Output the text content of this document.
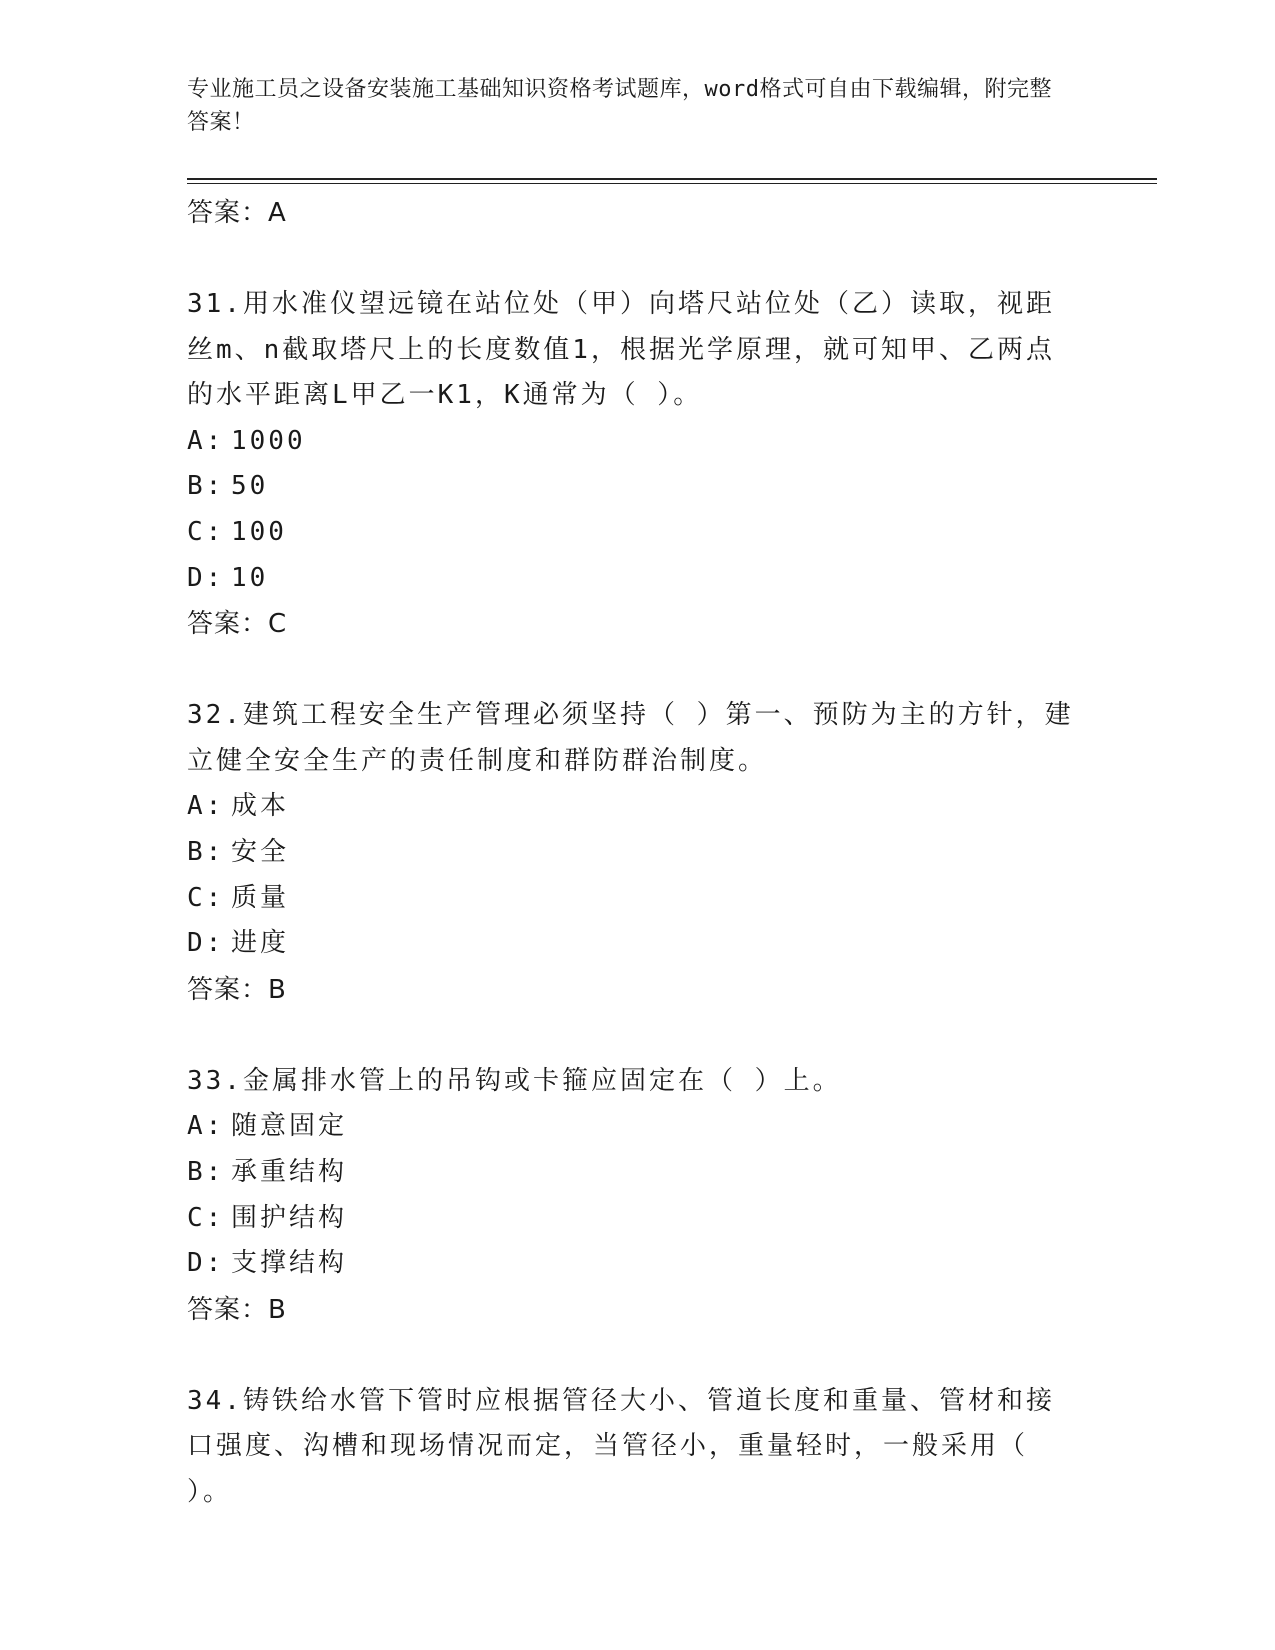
专业施工员之设备安装施工基础知识资格考试题库，word格式可自由下载编辑，附完整答案！
答案：A
31.用水准仪望远镜在站位处（甲）向塔尺站位处（乙）读取，视距丝m、n截取塔尺上的长度数值1，根据光学原理，就可知甲、乙两点的水平距离L甲乙一K1，K通常为（ ）。
A: 1000
B: 50
C: 100
D: 10
答案：C
32.建筑工程安全生产管理必须坚持（ ）第一、预防为主的方针，建立健全安全生产的责任制度和群防群治制度。
A: 成本
B: 安全
C: 质量
D: 进度
答案：B
33.金属排水管上的吊钩或卡箍应固定在（ ）上。
A: 随意固定
B: 承重结构
C: 围护结构
D: 支撑结构
答案：B
34.铸铁给水管下管时应根据管径大小、管道长度和重量、管材和接口强度、沟槽和现场情况而定，当管径小，重量轻时，一般采用（ ）。
